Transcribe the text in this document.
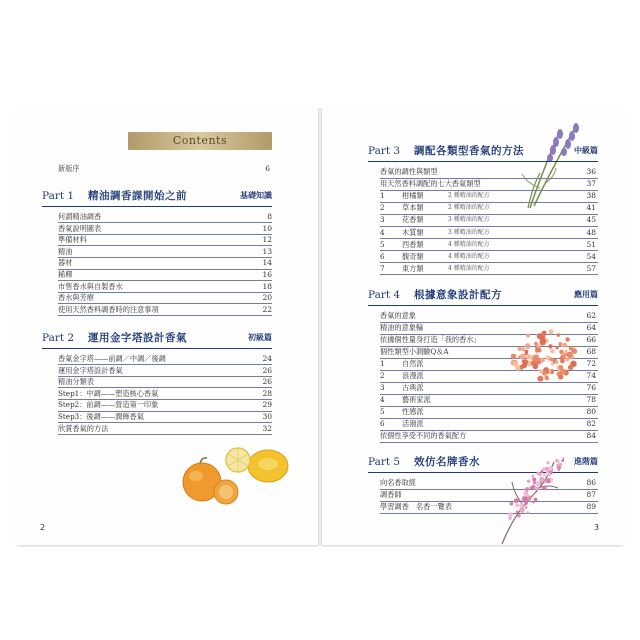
Contents
新版序	6
Part 1 精油調香課開始之前	基礎知識
何謂精油調香	8
香氣說明圖表	10
準備材料	12
精油	13
器材	14
稀釋	16
市售香水與自製香水	18
香水與芳療	20
使用天然香料調香時的注意事項	22
Part 2 運用金字塔設計香氣	初級篇
香氣金字塔——前調／中調／後調	24
運用金字塔設計香氣	26
精油分類表	26
Step1：中調——塑造核心香氣	28
Step2：前調——營造第一印象	29
Step3：後調——潤飾香氣	30
欣賞香氣的方法	32
2
Part 3 調配各類型香氣的方法	中級篇
香氣的調性與類型	36
用天然香料調配的七大香氣類型	37
1	柑橘類	2 種精油的配方	38
2	草本類	2 種精油的配方	41
3	花香類	3 種精油的配方	45
4	木質類	3 種精油的配方	48
5	西香類	4 種精油的配方	51
6	馥奇類	4 種精油的配方	54
7	東方類	4 種精油的配方	57
Part 4 根據意象設計配方	應用篇
香氣的意象	62
精油的意象輪	64
依據個性量身打造「我的香水」	66
個性類型小測驗Q＆A	68
1	自然派	72
2	浪漫派	74
3	古典派	76
4	藝術家派	78
5	性感派	80
6	活潑派	82
依個性享受不同的香氣配方	84
Part 5 效仿名牌香水	進階篇
向名香取經	86
調香師	87
學習調香　名香一覽表	89
3
